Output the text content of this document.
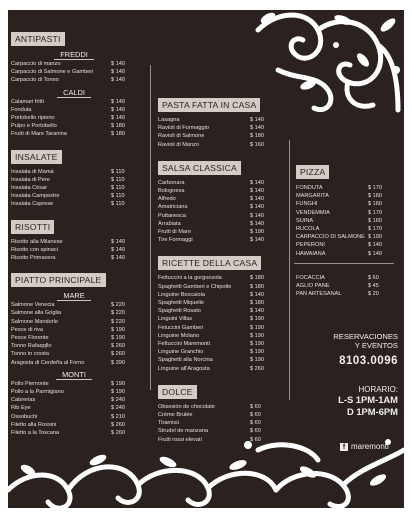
ANTIPASTI
FREDDI
Carpaccio di manzo	$ 140
Carpaccio di Salmone e Gamberi	$ 140
Carpaccio di Tonno	$ 140
CALDI
Calamari fritti	$ 140
Fonduta	$ 140
Portobello ripieno	$ 140
Pulpo e Portobello	$ 180
Frutti di Mare Taranina	$ 180
INSALATE
Insalata di Mamá	$ 110
Insalata di Pere	$ 110
Insalata César	$ 110
Insalata Campestre	$ 110
Insalata Caprese	$ 110
RISOTTI
Risotto alla Milanese	$ 140
Risotto con spinaci	$ 140
Risotto Primavera	$ 140
PIATTO PRINCIPALE
MARE
Salmone Venecia	$ 220
Salmone alla Griglia	$ 220
Salmone Mandorle	$ 220
Pesce di riva	$ 190
Pesce Florente	$ 190
Tonno Rafaqqllo	$ 260
Tonno in crosta	$ 260
Aragosta di Cerdeña al Forno	$ 390
MONTI
Pollo Piemonte	$ 190
Pollo a la Parmigiano	$ 190
Cabrerias	$ 240
Rib Eye	$ 240
Ossobuchi	$ 210
Filetto alla Rossini	$ 260
Filetto a la Toscana	$ 260
PASTA FATTA IN CASA
Lasagna	$ 140
Ravioli di Formaggio	$ 140
Ravioli di Salmone	$ 180
Ravioli di Manzo	$ 160
SALSA CLASSICA
Carbonara	$ 140
Bolognesa	$ 140
Alfredo	$ 140
Amatriciana	$ 140
Puttanesca	$ 140
Arrabiata	$ 140
Frutti di Mare	$ 190
Tire Formaggi	$ 140
RICETTE DELLA CASA
Fettuccini a la gorgonzola	$ 180
Spaghetti Gamberi e Chipotle	$ 180
Linguine Boscaiola	$ 140
Spaghetti Miquelle	$ 180
Spaghetti Rosato	$ 140
Linguini Villas	$ 190
Fetuccini Gamberi	$ 190
Linguine Molano	$ 190
Fettuccini Maremonti	$ 190
Linguine Granchio	$ 190
Spaghetti alla Norcina	$ 190
Linguine all'Aragosta	$ 260
DOLCE
Obsesión de chocolate	$ 60
Crème Brulée	$ 60
Tiramisú	$ 60
Strudel de manzana	$ 60
Frutti rossi elevati	$ 60
PIZZA
FONDUTA	$ 170
MARGARITA	$ 160
FUNGHI	$ 160
VENDEMMIA	$ 170
SUINA	$ 160
RUCOLA	$ 170
CARPACCIO DI SALMONE $ 190
PEPERONI	$ 140
HAWAIANA	$ 140
FOCACCIA	$ 60
AGLIO PANE	$ 45
PAN ARTESANAL	$ 20
RESERVACIONES
Y EVENTOS
8103.0096
HORARIO:
L-S 1PM-1AM
D 1PM-6PM
f maremonti
